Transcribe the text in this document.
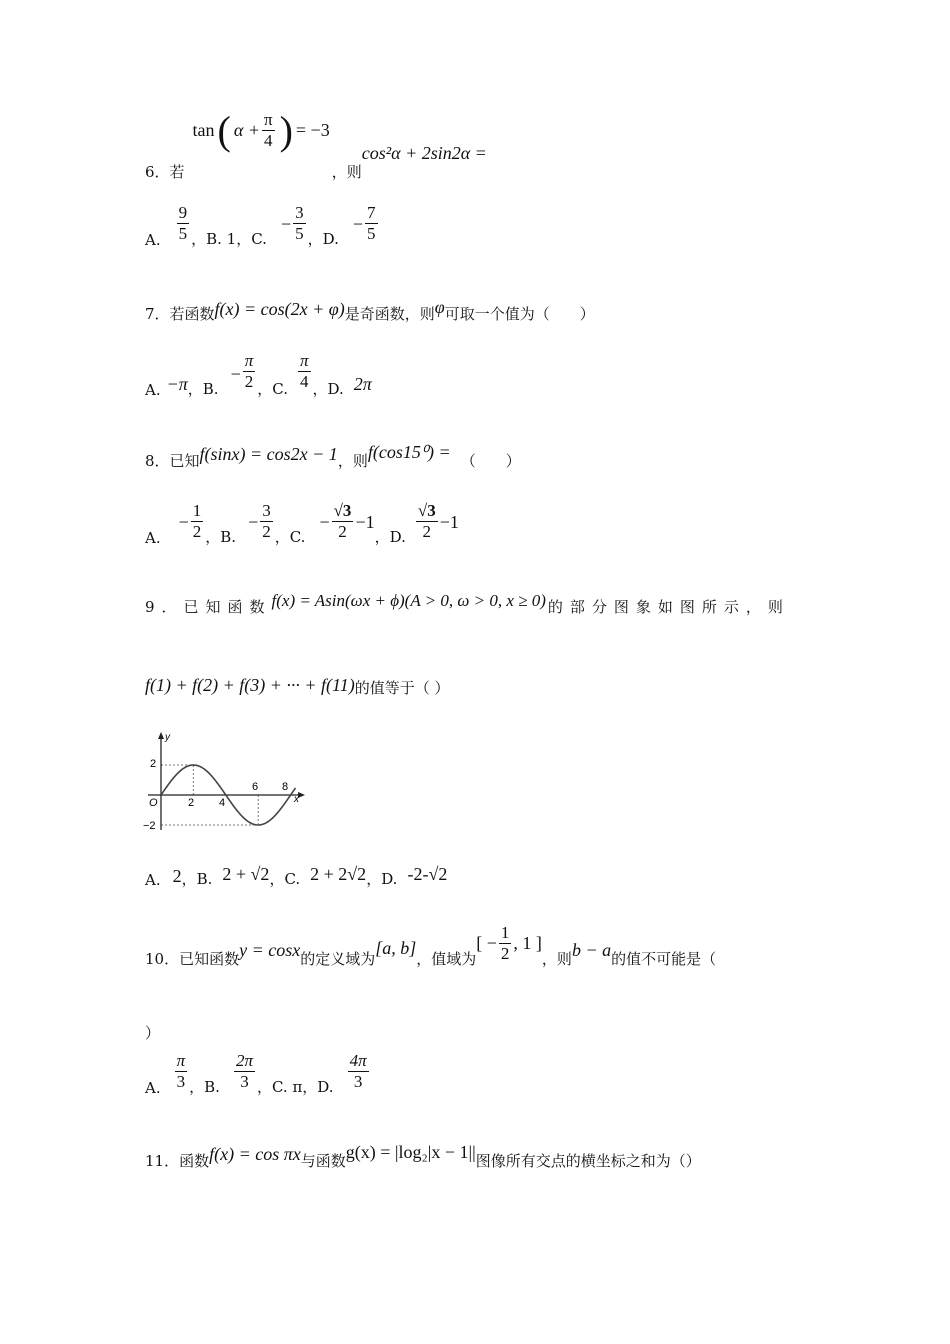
6．若
tan ( $\alpha + \frac{\pi}{4}$ ) = −3
，则
cos²α + 2sin2α =
A. $\frac{9}{5}$ ，B. 1，C.
− $\frac{3}{5}$ ，D.
− $\frac{7}{5}$
7．若函数 f(x) = cos(2x + φ) 是奇函数，则 φ 可取一个值为（　　）
A. −π ，B.
− $\frac{\pi}{2}$ ，C. $\frac{\pi}{4}$ ，D. 2π
8．已知 f(sinx) = cos2x − 1 ，则 f(cos15⁰) = （　　）
A.
− $\frac{1}{2}$ ，B.
− $\frac{3}{2}$ ，C.
− $\frac{√3}{2} -1$
，D. $\frac{√3}{2} -1$
9．已知函数 f(x) = Asin(ωx + ϕ)(A > 0, ω > 0, x ≥ 0) 的部分图象如图所示，则
f(1) + f(2) + f(3) + ··· + f(11) 的值等于（ ）
y
x
O
2
−2
2 4
6 8
A. 2 ，B. 2 + √2 ，C. 2 + 2√2 ，D. -2-√2
10．已知函数 y = cosx 的定义域为
[a, b]
，值域为
[ − $\frac{1}{2}$ , 1 ]
，则 b − a 的值不可能是（
）
A. $\frac{\pi}{3}$ ，B. $\frac{2\pi}{3}$ ，C. π，D. $\frac{4\pi}{3}$
11．函数 f(x) = cos πx 与函数 g(x) = |log₂|x − 1|| 图像所有交点的横坐标之和为（）
